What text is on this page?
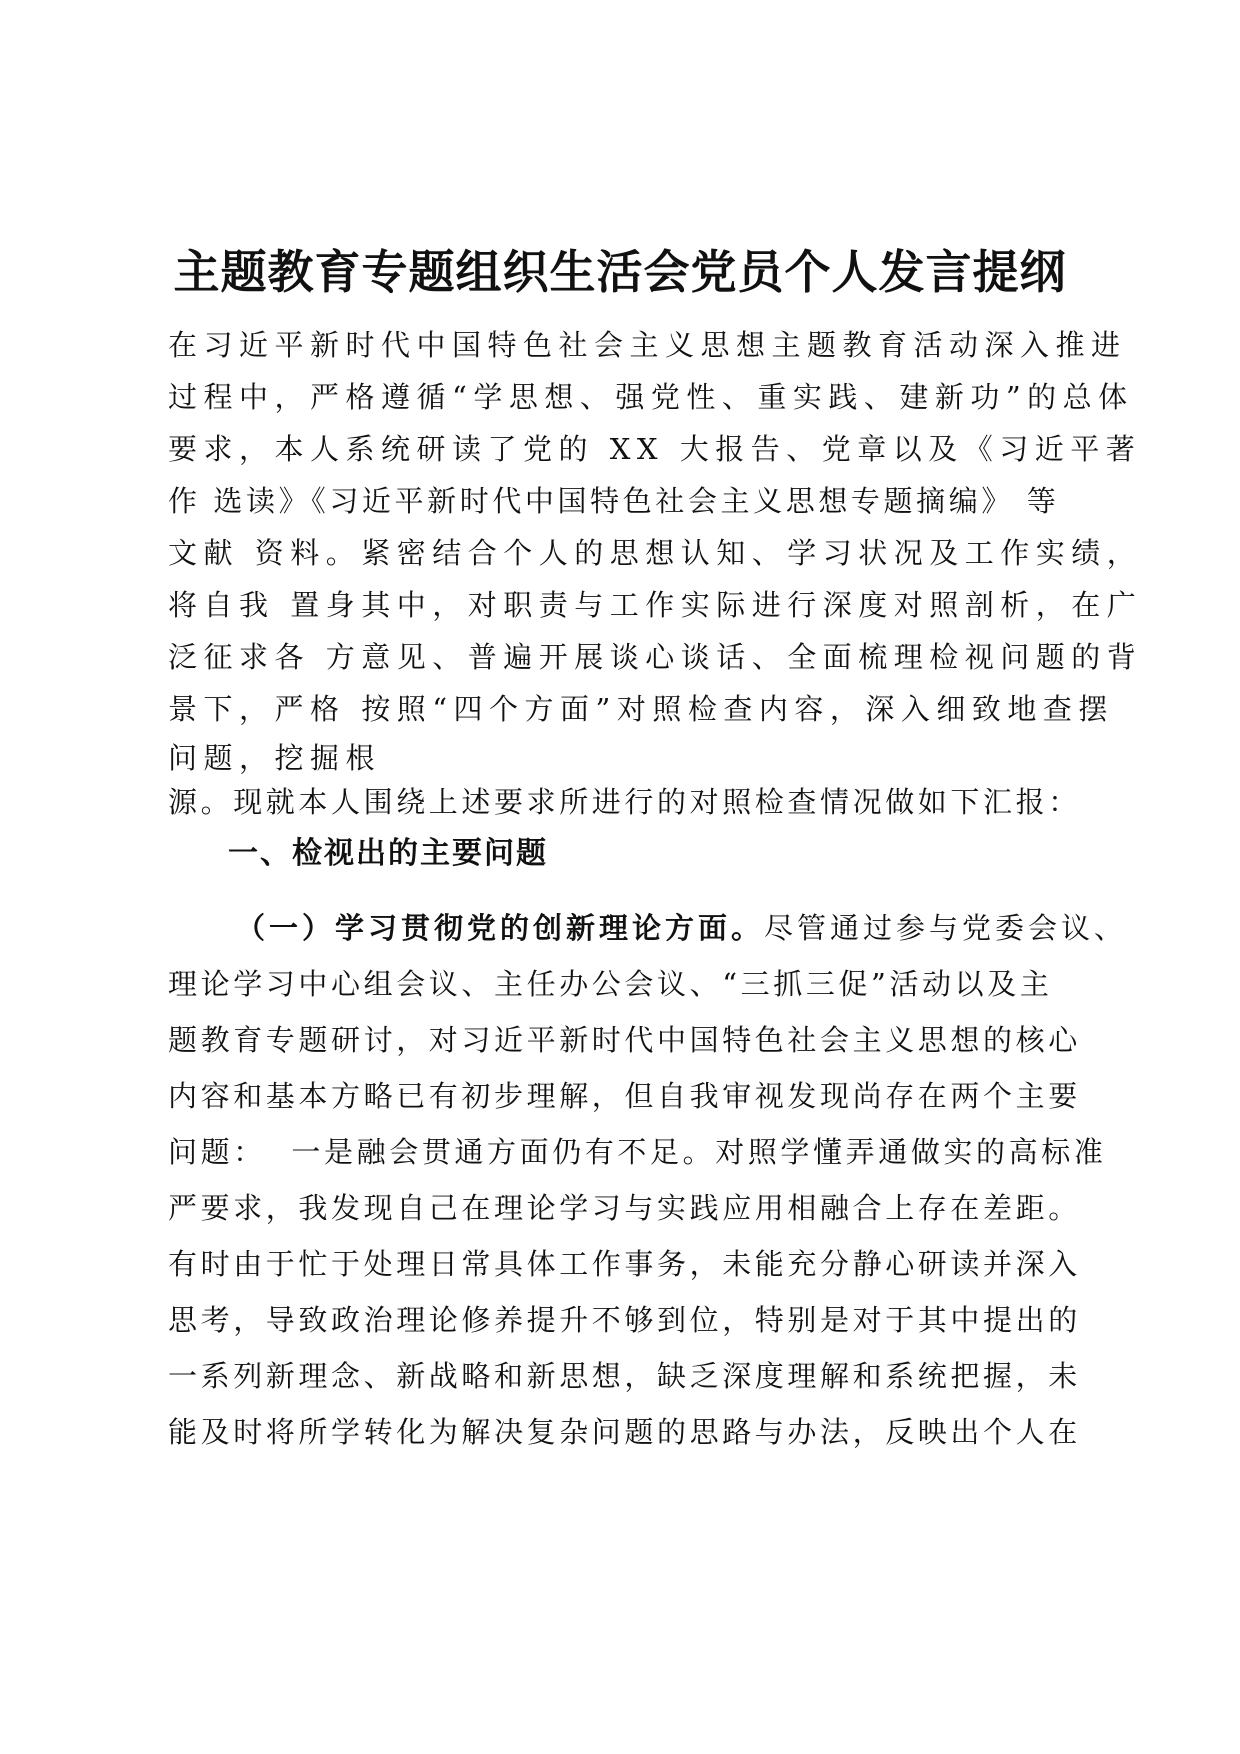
主题教育专题组织生活会党员个人发言提纲

在习近平新时代中国特色社会主义思想主题教育活动深入推进

过程中，严格遵循“学思想、强党性、重实践、建新功”的总体

要求，本人系统研读了党的 XX 大报告、党章以及《习近平著

作 选读》《习近平新时代中国特色社会主义思想专题摘编》 等

文献 资料。紧密结合个人的思想认知、学习状况及工作实绩，

将自我 置身其中，对职责与工作实际进行深度对照剖析，在广

泛征求各 方意见、普遍开展谈心谈话、全面梳理检视问题的背

景下，严格 按照“四个方面”对照检查内容，深入细致地查摆

问题，挖掘根

源。现就本人围绕上述要求所进行的对照检查情况做如下汇报：

一、检视出的主要问题

（一）学习贯彻党的创新理论方面。尽管通过参与党委会议、

理论学习中心组会议、主任办公会议、“三抓三促”活动以及主

题教育专题研讨，对习近平新时代中国特色社会主义思想的核心

内容和基本方略已有初步理解，但自我审视发现尚存在两个主要

问题：  一是融会贯通方面仍有不足。对照学懂弄通做实的高标准

严要求，我发现自己在理论学习与实践应用相融合上存在差距。

有时由于忙于处理日常具体工作事务，未能充分静心研读并深入

思考，导致政治理论修养提升不够到位，特别是对于其中提出的

一系列新理念、新战略和新思想，缺乏深度理解和系统把握，未

能及时将所学转化为解决复杂问题的思路与办法，反映出个人在
